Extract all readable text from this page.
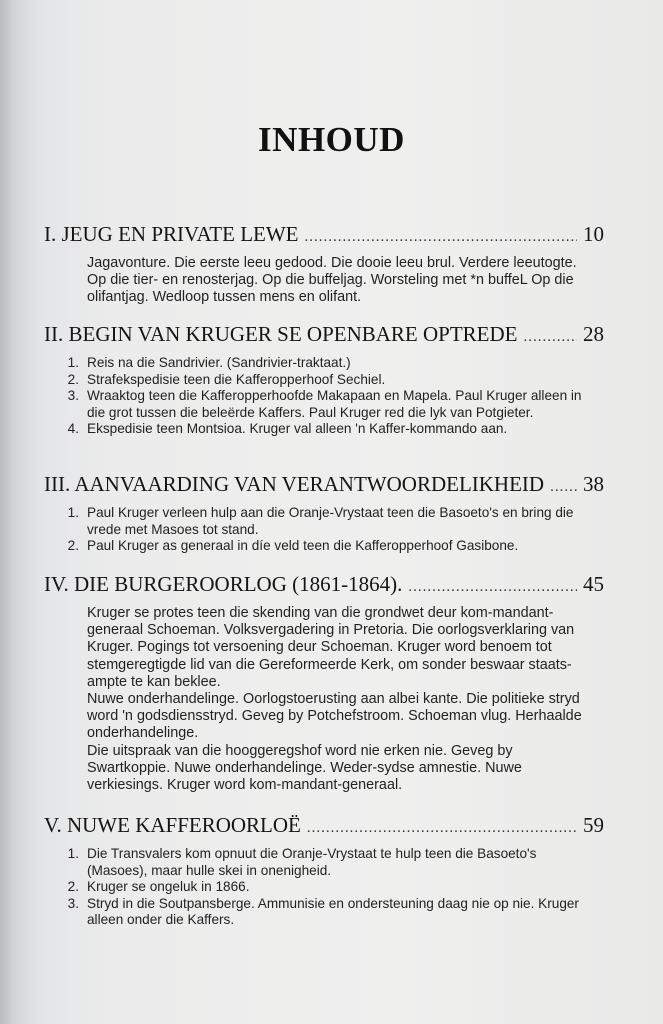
INHOUD
I. JEUG EN PRIVATE LEWE .....	10

Jagavonture. Die eerste leeu gedood. Die dooie leeu brul. Verdere leeutogte. Op die tier- en renosterjag. Op die buffeljag. Worsteling met *n buffeL Op die olifantjag. Wedloop tussen mens en olifant.

II. BEGIN VAN KRUGER SE OPENBARE OPTREDE .....	28
1. Reis na die Sandrivier. (Sandrivier-traktaat.)
2. Strafekspedisie teen die Kafferopperhoof Sechiel.
3. Wraaktog teen die Kafferopperhoofde Makapaan en Mapela. Paul Kruger alleen in die grot tussen die beleërde Kaffers. Paul Kruger red die lyk van Potgieter.
4. Ekspedisie teen Montsioa. Kruger val alleen 'n Kaffer-kommando aan.
III. AANVAARDING VAN VERANTWOORDELIKHEID ..... 38
1. Paul Kruger verleen hulp aan die Oranje-Vrystaat teen die Basoeto's en bring die vrede met Masoes tot stand.
2. Paul Kruger as generaal in díe veld teen die Kafferopperhoof Gasibone.
IV. DIE BURGEROORLOG (1861-1864). .....	45

Kruger se protes teen die skending van die grondwet deur kom-mandant-generaal Schoeman. Volksvergadering in Pretoria. Die oorlogsverklaring van Kruger. Pogings tot versoening deur Schoeman. Kruger word benoem tot stemgeregtigde lid van die Gereformeerde Kerk, om sonder beswaar staats-ampte te kan beklee.

Nuwe onderhandelinge. Oorlogstoerusting aan albei kante. Die politieke stryd word 'n godsdiensstryd. Geveg by Potchefstroom. Schoeman vlug. Herhaalde onderhandelinge.

Die uitspraak van die hooggeregshof word nie erken nie. Geveg by Swartkoppie. Nuwe onderhandelinge. Weder-sydse amnestie. Nuwe verkiesings. Kruger word kom-mandant-generaal.

V. NUWE KAFFEROORLOË .....	59
1. Die Transvalers kom opnuut die Oranje-Vrystaat te hulp teen die Basoeto's (Masoes), maar hulle skei in onenigheid.
2. Kruger se ongeluk in 1866.
3. Stryd in die Soutpansberge. Ammunisie en ondersteuning daag nie op nie. Kruger alleen onder die Kaffers.
